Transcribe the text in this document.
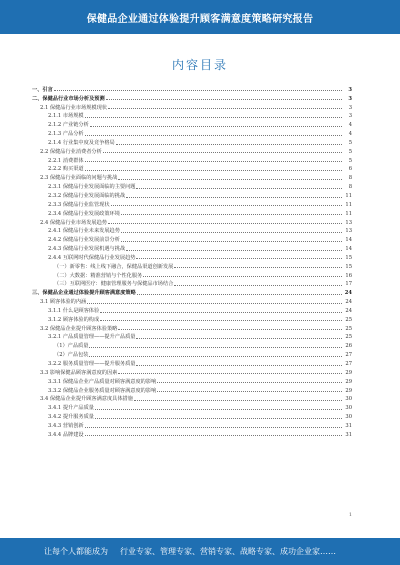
保健品企业通过体验提升顾客满意度策略研究报告
内容目录
一、引言	3
二、保健品行业市场分析及预测	3
2.1 保健品行业市场规模现状	3
2.1.1 市场规模	3
2.1.2 产业链分析	4
2.1.3 产品分析	4
2.1.4 行业集中度及竞争格局	5
2.2 保健品行业消费者分析	5
2.2.1 消费群体	5
2.2.2 购买渠道	6
2.3 保健品行业面临的问题与挑战	8
2.3.1 保健品行业发展面临的主要问题	8
2.3.2 保健品行业发展面临的挑战	11
2.3.3 保健品行业监管现状	11
2.3.4 保健品行业发展政策环境	11
2.4 保健品行业市场发展趋势	13
2.4.1 保健品行业未来发展趋势	13
2.4.2 保健品行业发展前景分析	14
2.4.3 保健品行业发展机遇与挑战	14
2.4.4 互联网时代保健品行业发展趋势	15
（一）新零售：线上线下融合，保健品渠道创新发展	15
（二）大数据：精准营销与个性化服务	16
（三）互联网医疗：健康管理服务与保健品市场结合	17
三、保健品企业通过体验提升顾客满意度策略	24
3.1 顾客体验的内涵	24
3.1.1 什么是顾客体验	24
3.1.2 顾客体验的构成	25
3.2 保健品企业提升顾客体验策略	25
3.2.1 产品质量管理——提升产品质量	25
（1）产品质量	26
（2）产品包装	27
3.2.2 服务质量管理——提升服务质量	27
3.3 影响保健品顾客满意度的因素	29
3.3.1 保健品企业产品质量对顾客满意度的影响	29
3.3.2 保健品企业服务质量对顾客满意度的影响	29
3.4 保健品企业提升顾客满意度具体措施	30
3.4.1 提升产品质量	30
3.4.2 提升服务质量	30
3.4.3 营销创新	31
3.4.4 品牌建设	31
1
让每个人都能成为 行业专家、管理专家、营销专家、战略专家、成功企业家……
